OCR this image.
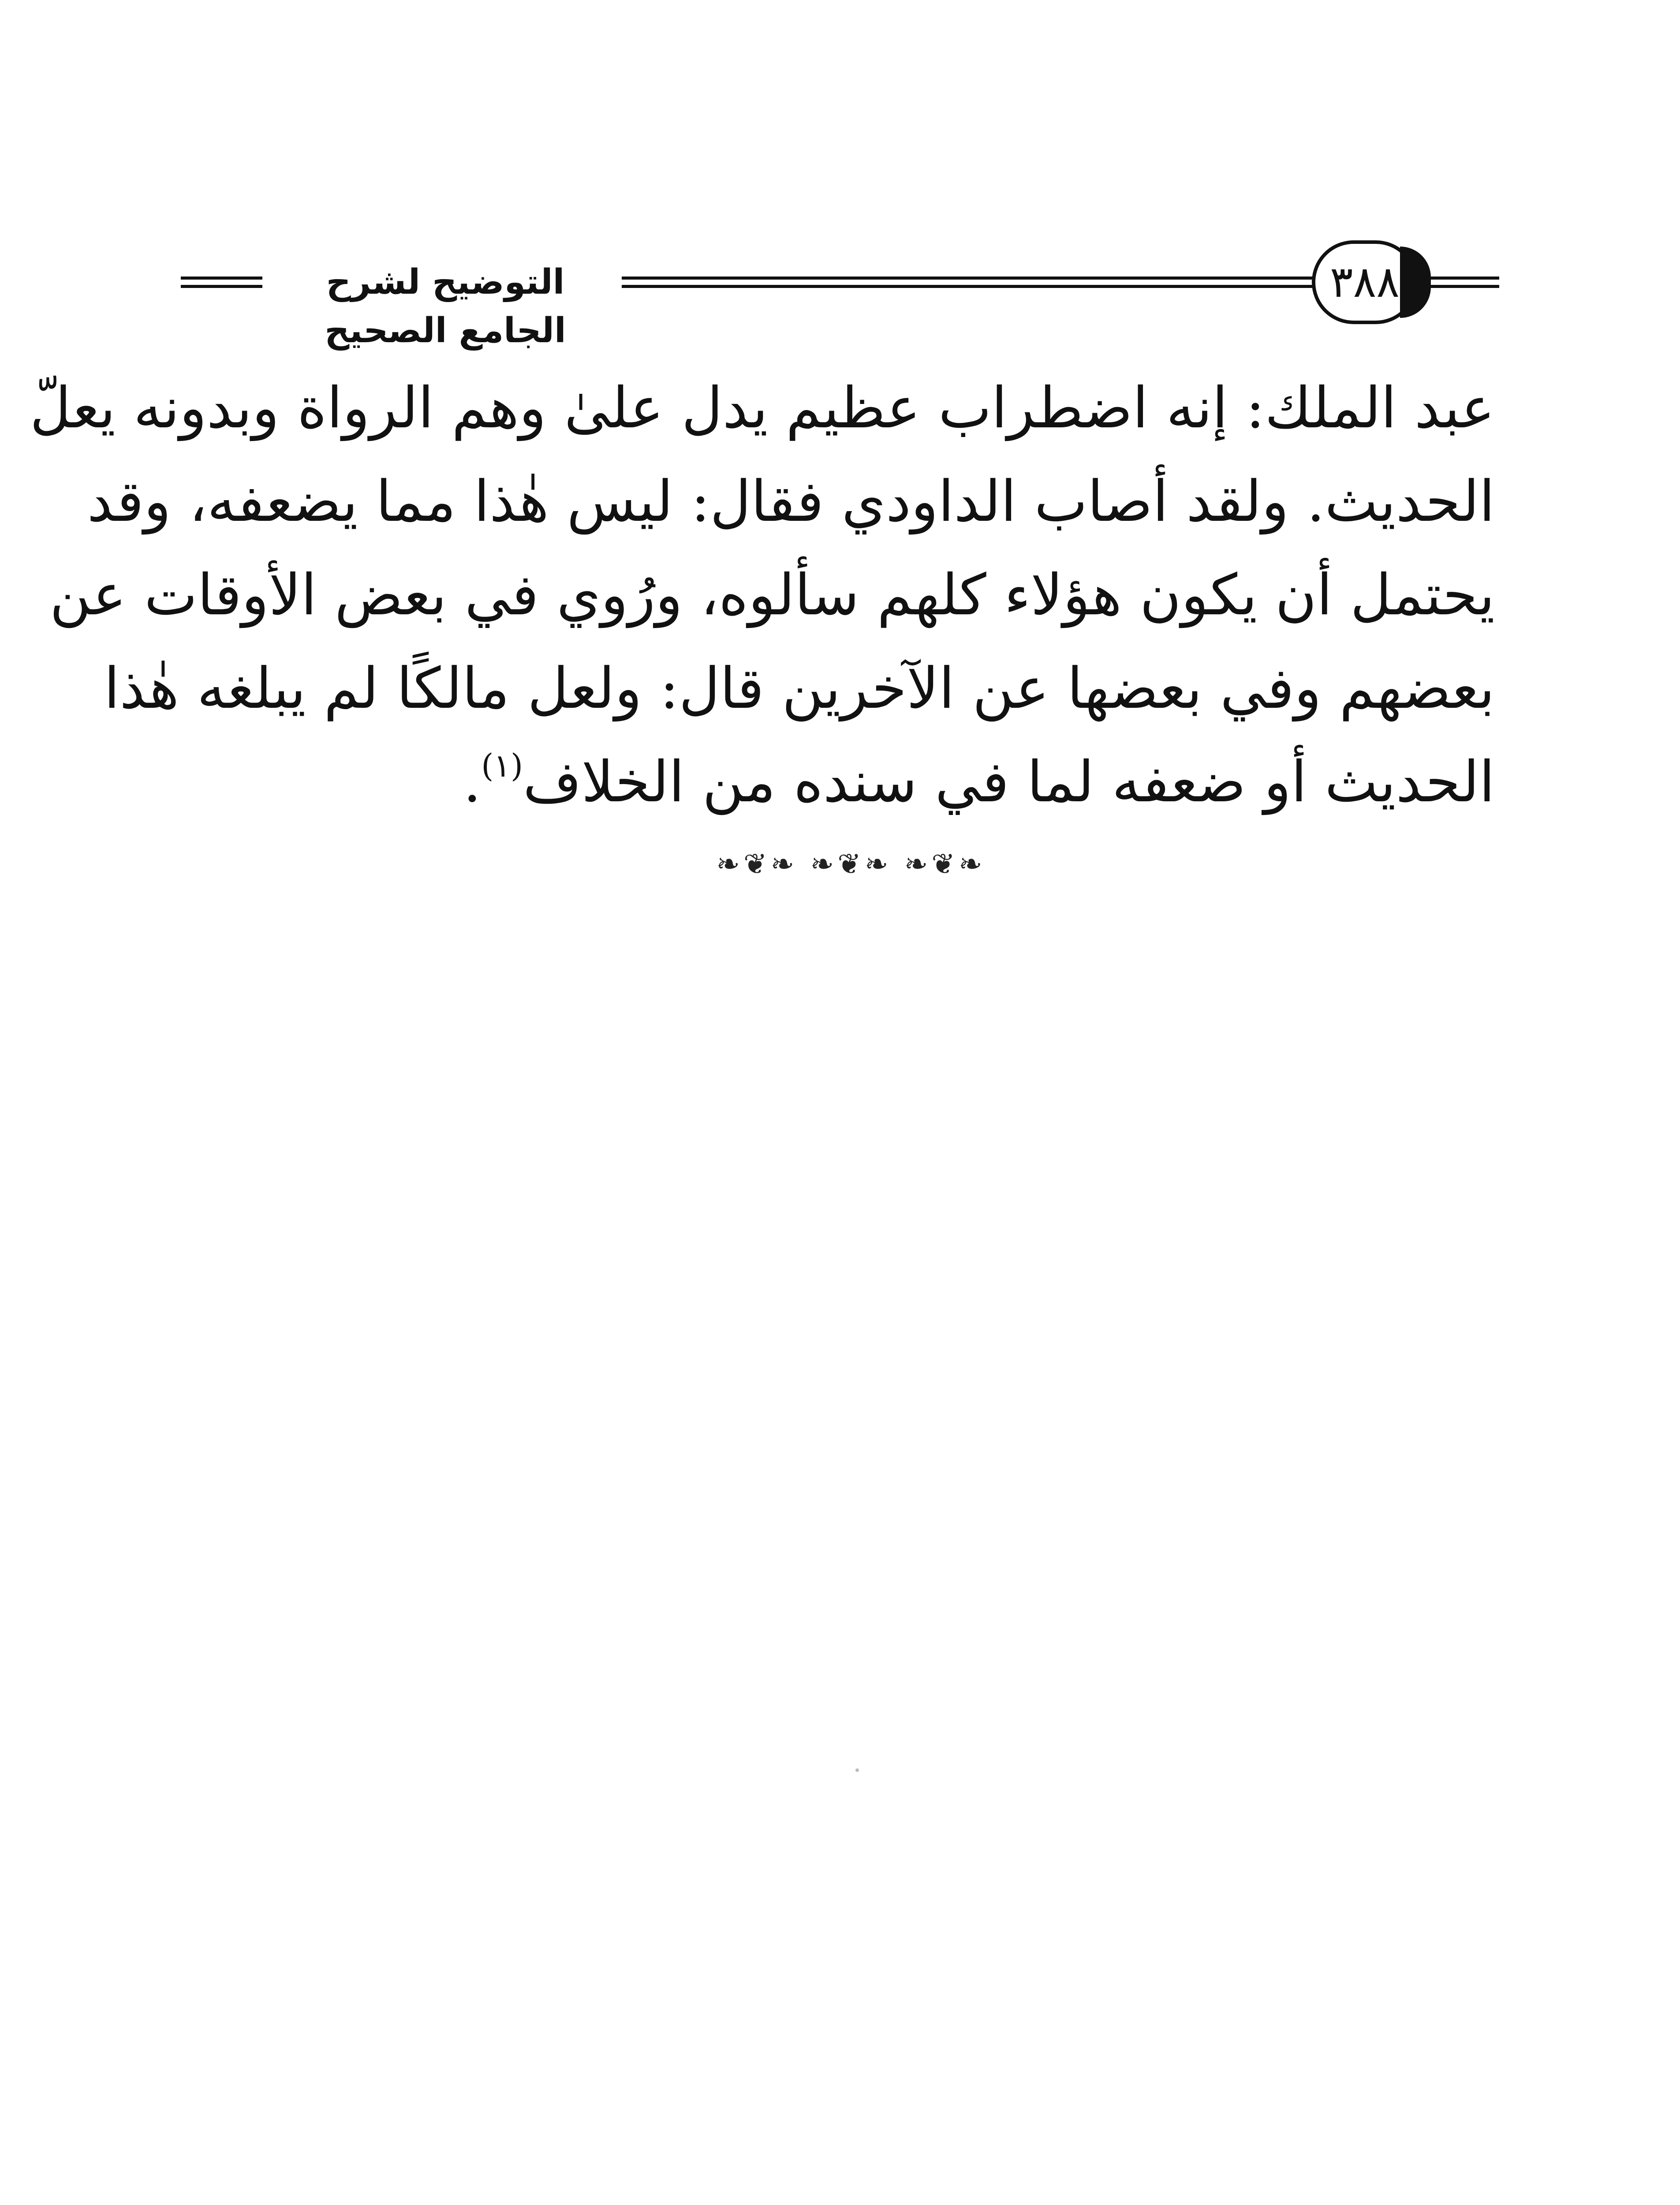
التوضيح لشرح الجامع الصحيح
٣٨٨
عبد الملك: إنه اضطراب عظيم يدل علىٰ وهم الرواة وبدونه يعلّ
الحديث. ولقد أصاب الداودي فقال: ليس هٰذا مما يضعفه، وقد
يحتمل أن يكون هؤلاء كلهم سألوه، ورُوي في بعض الأوقات عن
بعضهم وفي بعضها عن الآخرين قال: ولعل مالكًا لم يبلغه هٰذا
الحديث أو ضعفه لما في سنده من الخلاف$^{(١)}$.
❧❦❧ ❧❦❧ ❧❦❧
